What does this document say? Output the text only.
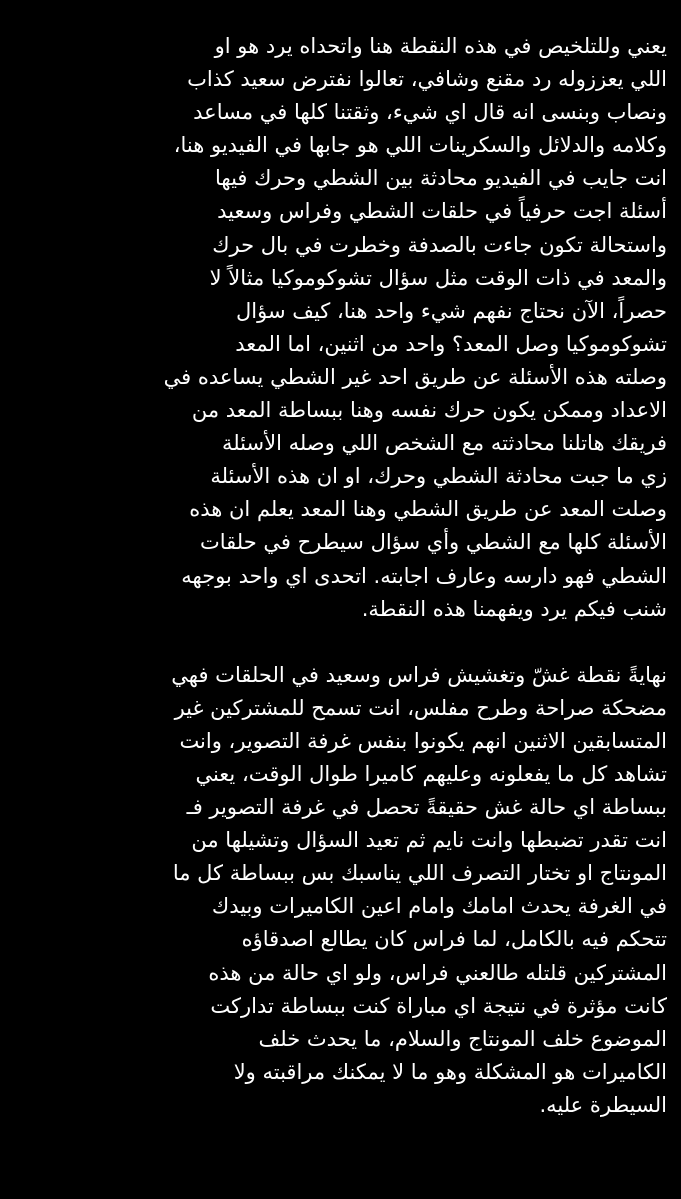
يعني وللتلخيص في هذه النقطة هنا واتحداه يرد هو او
اللي يعززوله رد مقنع وشافي، تعالوا نفترض سعيد كذاب
ونصاب وبنسى انه قال اي شيء، وثقتنا كلها في مساعد
وكلامه والدلائل والسكرينات اللي هو جابها في الفيديو هنا،
انت جايب في الفيديو محادثة بين الشطي وحرك فيها
أسئلة اجت حرفياً في حلقات الشطي وفراس وسعيد
واستحالة تكون جاءت بالصدفة وخطرت في بال حرك
والمعد في ذات الوقت مثل سؤال تشوكوموكيا مثالاً لا
حصراً، الآن نحتاج نفهم شيء واحد هنا، كيف سؤال
تشوكوموكيا وصل المعد؟ واحد من اثنين، اما المعد
وصلته هذه الأسئلة عن طريق احد غير الشطي يساعده في
الاعداد وممكن يكون حرك نفسه وهنا ببساطة المعد من
فريقك هاتلنا محادثته مع الشخص اللي وصله الأسئلة
زي ما جبت محادثة الشطي وحرك، او ان هذه الأسئلة
وصلت المعد عن طريق الشطي وهنا المعد يعلم ان هذه
الأسئلة كلها مع الشطي وأي سؤال سيطرح في حلقات
الشطي فهو دارسه وعارف اجابته. اتحدى اي واحد بوجهه
شنب فيكم يرد ويفهمنا هذه النقطة.
نهايةً نقطة غشّ وتغشيش فراس وسعيد في الحلقات فهي
مضحكة صراحة وطرح مفلس، انت تسمح للمشتركين غير
المتسابقين الاثنين انهم يكونوا بنفس غرفة التصوير، وانت
تشاهد كل ما يفعلونه وعليهم كاميرا طوال الوقت، يعني
ببساطة اي حالة غش حقيقةً تحصل في غرفة التصوير فـ
انت تقدر تضبطها وانت نايم ثم تعيد السؤال وتشيلها من
المونتاج او تختار التصرف اللي يناسبك بس ببساطة كل ما
في الغرفة يحدث امامك وامام اعين الكاميرات وبيدك
تتحكم فيه بالكامل، لما فراس كان يطالع اصدقاؤه
المشتركين قلتله طالعني فراس، ولو اي حالة من هذه
كانت مؤثرة في نتيجة اي مباراة كنت ببساطة تداركت
الموضوع خلف المونتاج والسلام، ما يحدث خلف
الكاميرات هو المشكلة وهو ما لا يمكنك مراقبته ولا
السيطرة عليه.
